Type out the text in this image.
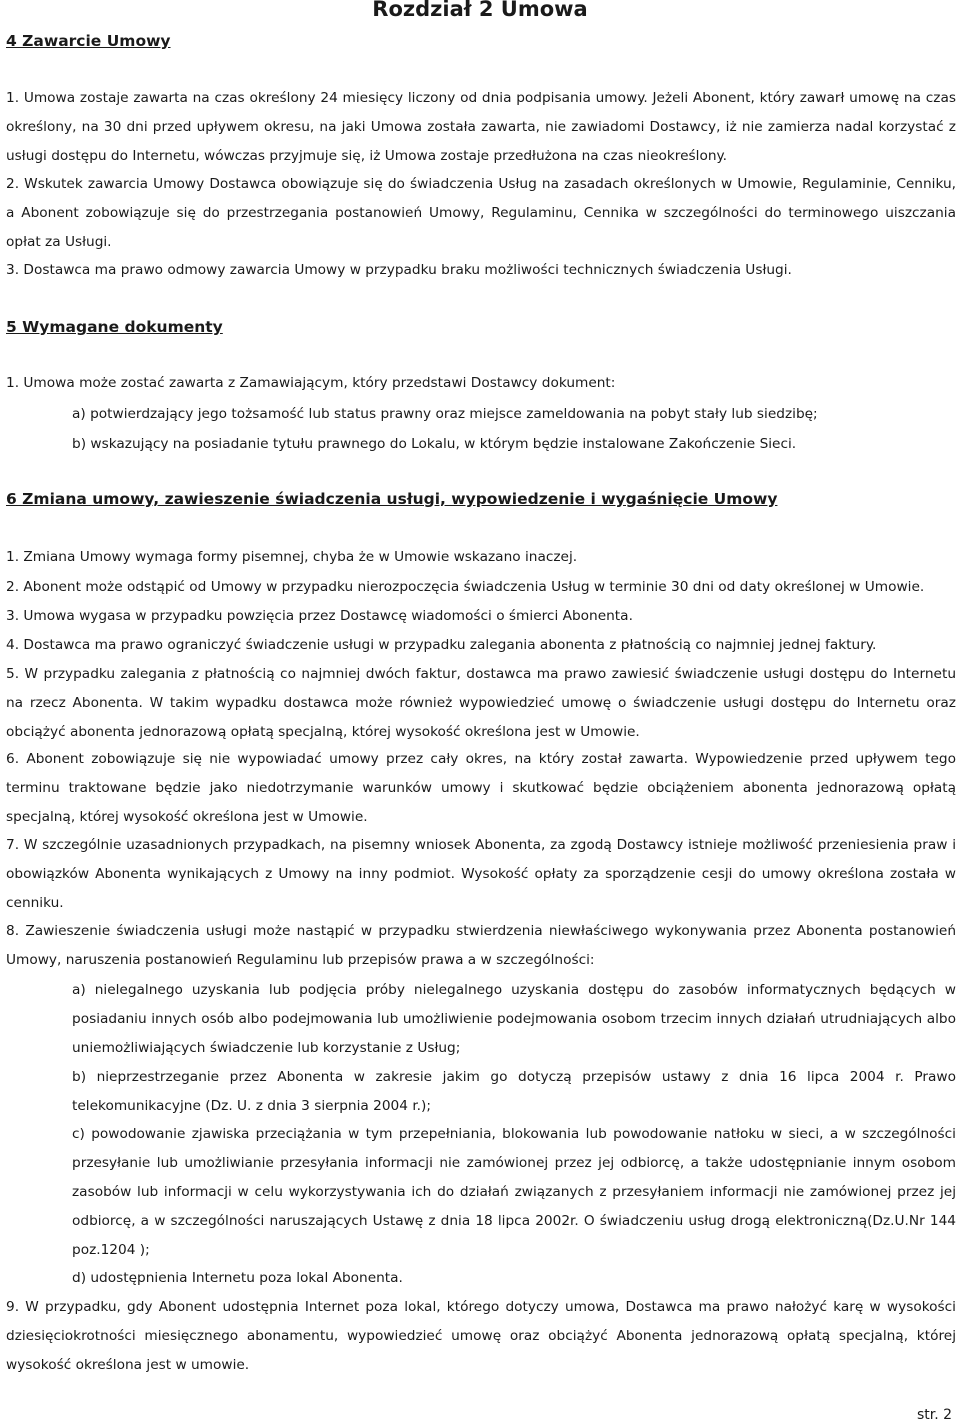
Rozdział 2 Umowa
4 Zawarcie Umowy

1. Umowa zostaje zawarta na czas określony 24 miesięcy liczony od dnia podpisania umowy. Jeżeli Abonent, który zawarł umowę na czas określony, na 30 dni przed upływem okresu, na jaki Umowa została zawarta, nie zawiadomi Dostawcy, iż nie zamierza nadal korzystać z usługi dostępu do Internetu, wówczas przyjmuje się, iż Umowa zostaje przedłużona na czas nieokreślony.

2. Wskutek zawarcia Umowy Dostawca obowiązuje się do świadczenia Usług na zasadach określonych w Umowie, Regulaminie, Cenniku, a Abonent zobowiązuje się do przestrzegania postanowień Umowy, Regulaminu, Cennika w szczególności do terminowego uiszczania opłat za Usługi.

3. Dostawca ma prawo odmowy zawarcia Umowy w przypadku braku możliwości technicznych świadczenia Usługi.

5 Wymagane dokumenty

1. Umowa może zostać zawarta z Zamawiającym, który przedstawi Dostawcy dokument:

a) potwierdzający jego tożsamość lub status prawny oraz miejsce zameldowania na pobyt stały lub siedzibę;

b) wskazujący na posiadanie tytułu prawnego do Lokalu, w którym będzie instalowane Zakończenie Sieci.

6 Zmiana umowy, zawieszenie świadczenia usługi, wypowiedzenie i wygaśnięcie Umowy

1. Zmiana Umowy wymaga formy pisemnej, chyba że w Umowie wskazano inaczej.

2. Abonent może odstąpić od Umowy w przypadku nierozpoczęcia świadczenia Usług w terminie 30 dni od daty określonej w Umowie.

3. Umowa wygasa w przypadku powzięcia przez Dostawcę wiadomości o śmierci Abonenta.

4. Dostawca ma prawo ograniczyć świadczenie usługi w przypadku zalegania abonenta z płatnością co najmniej jednej faktury.

5. W przypadku zalegania z płatnością co najmniej dwóch faktur, dostawca ma prawo zawiesić świadczenie usługi dostępu do Internetu na rzecz Abonenta. W takim wypadku dostawca może również wypowiedzieć umowę o świadczenie usługi dostępu do Internetu oraz obciążyć abonenta jednorazową opłatą specjalną, której wysokość określona jest w Umowie.

6. Abonent zobowiązuje się nie wypowiadać umowy przez cały okres, na który został zawarta. Wypowiedzenie przed upływem tego terminu traktowane będzie jako niedotrzymanie warunków umowy i skutkować będzie obciążeniem abonenta jednorazową opłatą specjalną, której wysokość określona jest w Umowie.

7. W szczególnie uzasadnionych przypadkach, na pisemny wniosek Abonenta, za zgodą Dostawcy istnieje możliwość przeniesienia praw i obowiązków Abonenta wynikających z Umowy na inny podmiot. Wysokość opłaty za sporządzenie cesji do umowy określona została w cenniku.

8. Zawieszenie świadczenia usługi może nastąpić w przypadku stwierdzenia niewłaściwego wykonywania przez Abonenta postanowień Umowy, naruszenia postanowień Regulaminu lub przepisów prawa a w szczególności:

a) nielegalnego uzyskania lub podjęcia próby nielegalnego uzyskania dostępu do zasobów informatycznych będących w posiadaniu innych osób albo podejmowania lub umożliwienie podejmowania osobom trzecim innych działań utrudniających albo uniemożliwiających świadczenie lub korzystanie z Usług;

b) nieprzestrzeganie przez Abonenta w zakresie jakim go dotyczą przepisów ustawy z dnia 16 lipca 2004 r. Prawo telekomunikacyjne (Dz. U. z dnia 3 sierpnia 2004 r.);

c) powodowanie zjawiska przeciążania w tym przepełniania, blokowania lub powodowanie natłoku w sieci, a w szczególności przesyłanie lub umożliwianie przesyłania informacji nie zamówionej przez jej odbiorcę, a także udostępnianie innym osobom zasobów lub informacji w celu wykorzystywania ich do działań związanych z przesyłaniem informacji nie zamówionej przez jej odbiorcę, a w szczególności naruszających Ustawę z dnia 18 lipca 2002r. O świadczeniu usług drogą elektroniczną(Dz.U.Nr 144 poz.1204 );

d) udostępnienia Internetu poza lokal Abonenta.

9. W przypadku, gdy Abonent udostępnia Internet poza lokal, którego dotyczy umowa, Dostawca ma prawo nałożyć karę w wysokości dziesięciokrotności miesięcznego abonamentu, wypowiedzieć umowę oraz obciążyć Abonenta jednorazową opłatą specjalną, której wysokość określona jest w umowie.

str. 2
